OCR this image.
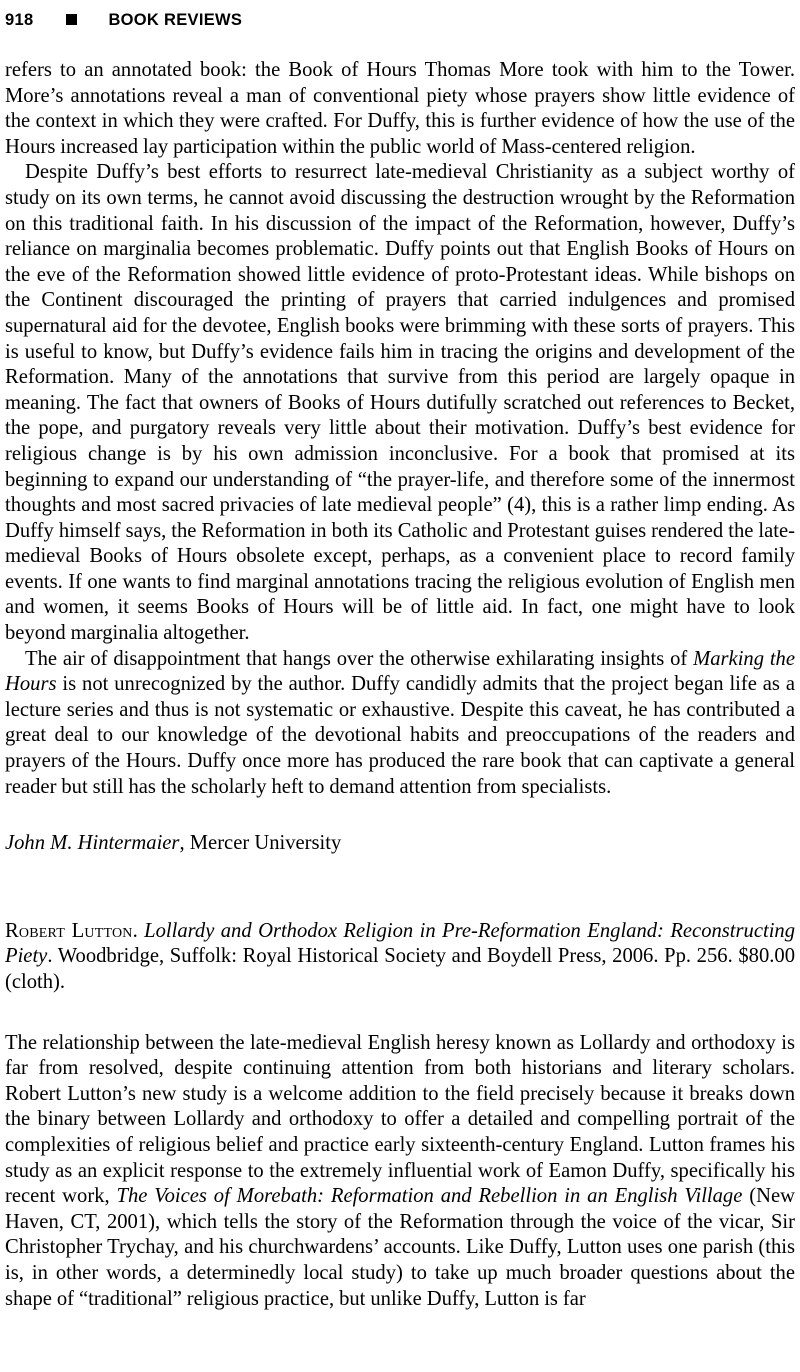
918	BOOK REVIEWS

refers to an annotated book: the Book of Hours Thomas More took with him to the Tower. More’s annotations reveal a man of conventional piety whose prayers show little evidence of the context in which they were crafted. For Duffy, this is further evidence of how the use of the Hours increased lay participation within the public world of Mass-centered religion.

Despite Duffy’s best efforts to resurrect late-medieval Christianity as a subject worthy of study on its own terms, he cannot avoid discussing the destruction wrought by the Reformation on this traditional faith. In his discussion of the impact of the Reformation, however, Duffy’s reliance on marginalia becomes problematic. Duffy points out that English Books of Hours on the eve of the Reformation showed little evidence of proto-Protestant ideas. While bishops on the Continent discouraged the printing of prayers that carried indulgences and promised supernatural aid for the devotee, English books were brimming with these sorts of prayers. This is useful to know, but Duffy’s evidence fails him in tracing the origins and development of the Reformation. Many of the annotations that survive from this period are largely opaque in meaning. The fact that owners of Books of Hours dutifully scratched out references to Becket, the pope, and purgatory reveals very little about their motivation. Duffy’s best evidence for religious change is by his own admission inconclusive. For a book that promised at its beginning to expand our understanding of “the prayer-life, and therefore some of the innermost thoughts and most sacred privacies of late medieval people” (4), this is a rather limp ending. As Duffy himself says, the Reformation in both its Catholic and Protestant guises rendered the late-medieval Books of Hours obsolete except, perhaps, as a convenient place to record family events. If one wants to find marginal annotations tracing the religious evolution of English men and women, it seems Books of Hours will be of little aid. In fact, one might have to look beyond marginalia altogether.

The air of disappointment that hangs over the otherwise exhilarating insights of Marking the Hours is not unrecognized by the author. Duffy candidly admits that the project began life as a lecture series and thus is not systematic or exhaustive. Despite this caveat, he has contributed a great deal to our knowledge of the devotional habits and preoccupations of the readers and prayers of the Hours. Duffy once more has produced the rare book that can captivate a general reader but still has the scholarly heft to demand attention from specialists.

John M. Hintermaier, Mercer University

Robert Lutton. Lollardy and Orthodox Religion in Pre-Reformation England: Reconstructing Piety. Woodbridge, Suffolk: Royal Historical Society and Boydell Press, 2006. Pp. 256. $80.00 (cloth).

The relationship between the late-medieval English heresy known as Lollardy and orthodoxy is far from resolved, despite continuing attention from both historians and literary scholars. Robert Lutton’s new study is a welcome addition to the field precisely because it breaks down the binary between Lollardy and orthodoxy to offer a detailed and compelling portrait of the complexities of religious belief and practice early sixteenth-century England. Lutton frames his study as an explicit response to the extremely influential work of Eamon Duffy, specifically his recent work, The Voices of Morebath: Reformation and Rebellion in an English Village (New Haven, CT, 2001), which tells the story of the Reformation through the voice of the vicar, Sir Christopher Trychay, and his churchwardens’ accounts. Like Duffy, Lutton uses one parish (this is, in other words, a determinedly local study) to take up much broader questions about the shape of “traditional” religious practice, but unlike Duffy, Lutton is far
